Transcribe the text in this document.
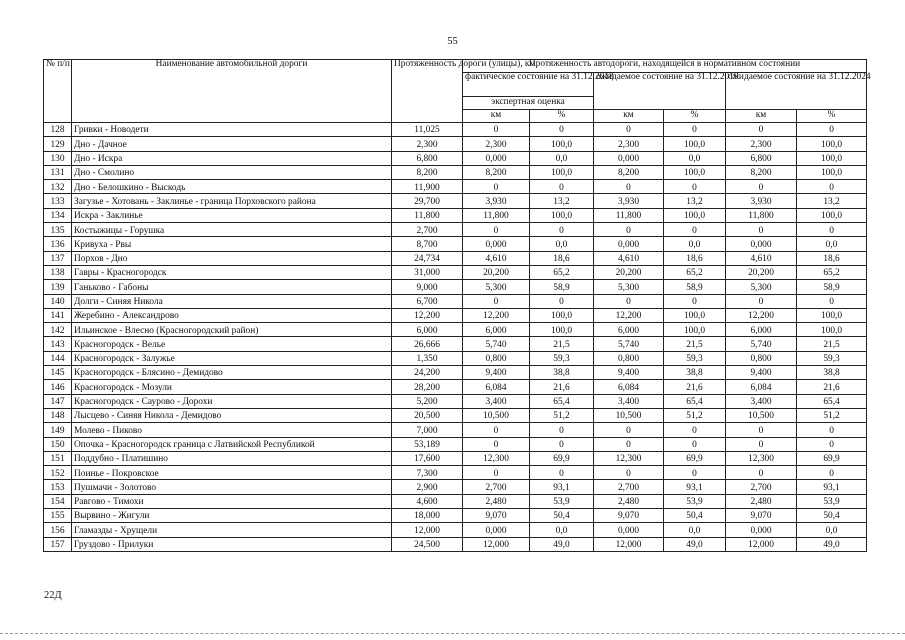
55
№ п/п	Наименование автомобильной дороги	Протяженность дороги (улицы), км	Протяженность автодороги, находящейся в нормативном состоянии					
			фактическое состояние на 31.12.2018		ожидаемое состояние на 31.12.2019		ожидаемое состояние на 31.12.2024	
			экспертная оценка					
			км	%	км	%	км	%
128	Гривки - Новодети	11,025	0	0	0	0	0	0
129	Дно - Дачное	2,300	2,300	100,0	2,300	100,0	2,300	100,0
130	Дно - Искра	6,800	0,000	0,0	0,000	0,0	6,800	100,0
131	Дно - Смолино	8,200	8,200	100,0	8,200	100,0	8,200	100,0
132	Дно - Белошкино - Выскодь	11,900	0	0	0	0	0	0
133	Загузье - Хотовань - Заклинье - граница Порховского района	29,700	3,930	13,2	3,930	13,2	3,930	13,2
134	Искра - Заклинье	11,800	11,800	100,0	11,800	100,0	11,800	100,0
135	Костыжицы - Горушка	2,700	0	0	0	0	0	0
136	Кривуха - Рвы	8,700	0,000	0,0	0,000	0,0	0,000	0,0
137	Порхов - Дно	24,734	4,610	18,6	4,610	18,6	4,610	18,6
138	Гавры - Красногородск	31,000	20,200	65,2	20,200	65,2	20,200	65,2
139	Ганьково - Габоны	9,000	5,300	58,9	5,300	58,9	5,300	58,9
140	Долги - Синяя Никола	6,700	0	0	0	0	0	0
141	Жеребино - Александрово	12,200	12,200	100,0	12,200	100,0	12,200	100,0
142	Ильинское - Влесно (Красногородский район)	6,000	6,000	100,0	6,000	100,0	6,000	100,0
143	Красногородск - Велье	26,666	5,740	21,5	5,740	21,5	5,740	21,5
144	Красногородск - Залужье	1,350	0,800	59,3	0,800	59,3	0,800	59,3
145	Красногородск - Блясино - Демидово	24,200	9,400	38,8	9,400	38,8	9,400	38,8
146	Красногородск - Мозули	28,200	6,084	21,6	6,084	21,6	6,084	21,6
147	Красногородск - Саурово - Дорохи	5,200	3,400	65,4	3,400	65,4	3,400	65,4
148	Лысцево - Синяя Никола - Демидово	20,500	10,500	51,2	10,500	51,2	10,500	51,2
149	Молево - Пиково	7,000	0	0	0	0	0	0
150	Опочка - Красногородск граница с Латвийской Республикой	53,189	0	0	0	0	0	0
151	Поддубно - Платишино	17,600	12,300	69,9	12,300	69,9	12,300	69,9
152	Поинье - Покровское	7,300	0	0	0	0	0	0
153	Пушмачи - Золотово	2,900	2,700	93,1	2,700	93,1	2,700	93,1
154	Равгово - Тимохи	4,600	2,480	53,9	2,480	53,9	2,480	53,9
155	Вырвино - Жигули	18,000	9,070	50,4	9,070	50,4	9,070	50,4
156	Гламазды - Хрущели	12,000	0,000	0,0	0,000	0,0	0,000	0,0
157	Груздово - Прилуки	24,500	12,000	49,0	12,000	49,0	12,000	49,0
22Д
